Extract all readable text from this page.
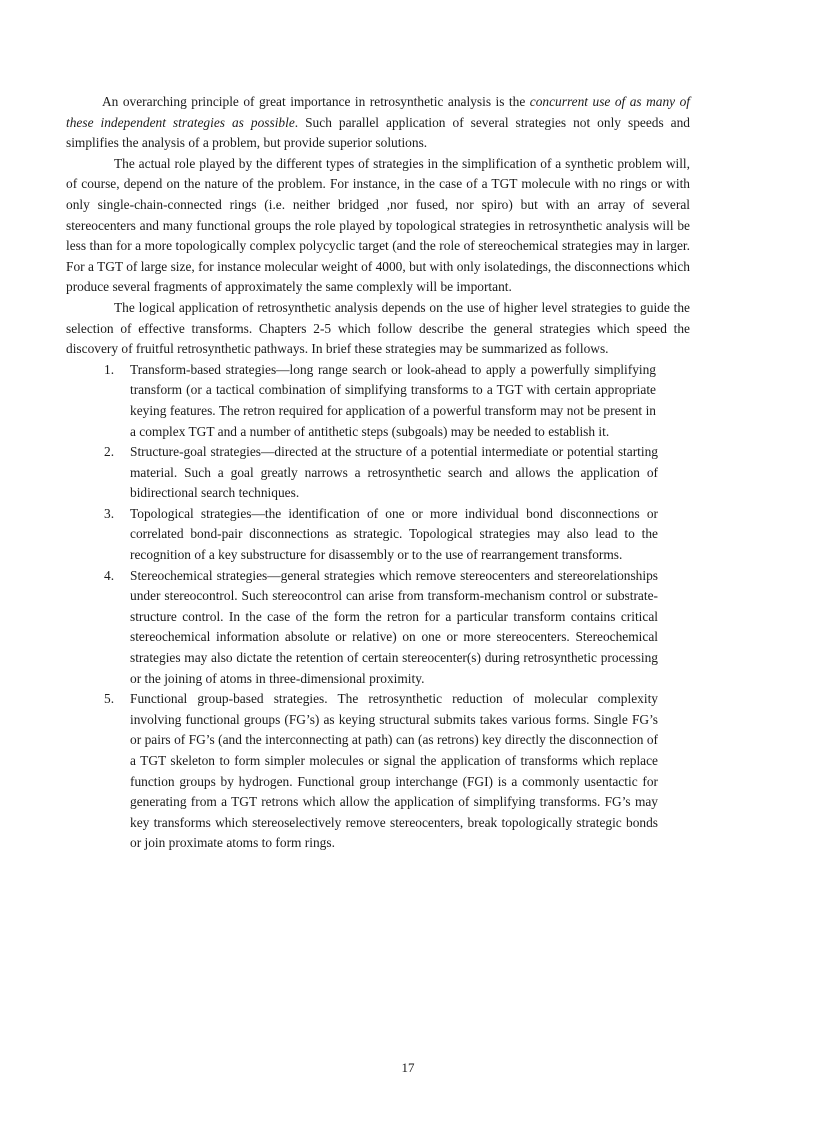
An overarching principle of great importance in retrosynthetic analysis is the concurrent use of as many of these independent strategies as possible. Such parallel application of several strategies not only speeds and simplifies the analysis of a problem, but provide superior solutions.

The actual role played by the different types of strategies in the simplification of a synthetic problem will, of course, depend on the nature of the problem. For instance, in the case of a TGT molecule with no rings or with only single-chain-connected rings (i.e. neither bridged ,nor fused, nor spiro) but with an array of several stereocenters and many functional groups the role played by topological strategies in retrosynthetic analysis will be less than for a more topologically complex polycyclic target (and the role of stereochemical strategies may in larger. For a TGT of large size, for instance molecular weight of 4000, but with only isolatedings, the disconnections which produce several fragments of approximately the same complexly will be important.

The logical application of retrosynthetic analysis depends on the use of higher level strategies to guide the selection of effective transforms. Chapters 2-5 which follow describe the general strategies which speed the discovery of fruitful retrosynthetic pathways. In brief these strategies may be summarized as follows.

1. Transform-based strategies—long range search or look-ahead to apply a powerfully simplifying transform (or a tactical combination of simplifying transforms to a TGT with certain appropriate keying features. The retron required for application of a powerful transform may not be present in a complex TGT and a number of antithetic steps (subgoals) may be needed to establish it.
2. Structure-goal strategies—directed at the structure of a potential intermediate or potential starting material. Such a goal greatly narrows a retrosynthetic search and allows the application of bidirectional search techniques.
3. Topological strategies—the identification of one or more individual bond disconnections or correlated bond-pair disconnections as strategic. Topological strategies may also lead to the recognition of a key substructure for disassembly or to the use of rearrangement transforms.
4. Stereochemical strategies—general strategies which remove stereocenters and stereorelationships under stereocontrol. Such stereocontrol can arise from transform-mechanism control or substrate-structure control. In the case of the form the retron for a particular transform contains critical stereochemical information absolute or relative) on one or more stereocenters. Stereochemical strategies may also dictate the retention of certain stereocenter(s) during retrosynthetic processing or the joining of atoms in three-dimensional proximity.
5. Functional group-based strategies. The retrosynthetic reduction of molecular complexity involving functional groups (FG’s) as keying structural submits takes various forms. Single FG’s or pairs of FG’s (and the interconnecting at path) can (as retrons) key directly the disconnection of a TGT skeleton to form simpler molecules or signal the application of transforms which replace function groups by hydrogen. Functional group interchange (FGI) is a commonly usentactic for generating from a TGT retrons which allow the application of simplifying transforms. FG’s may key transforms which stereoselectively remove stereocenters, break topologically strategic bonds or join proximate atoms to form rings.
17
